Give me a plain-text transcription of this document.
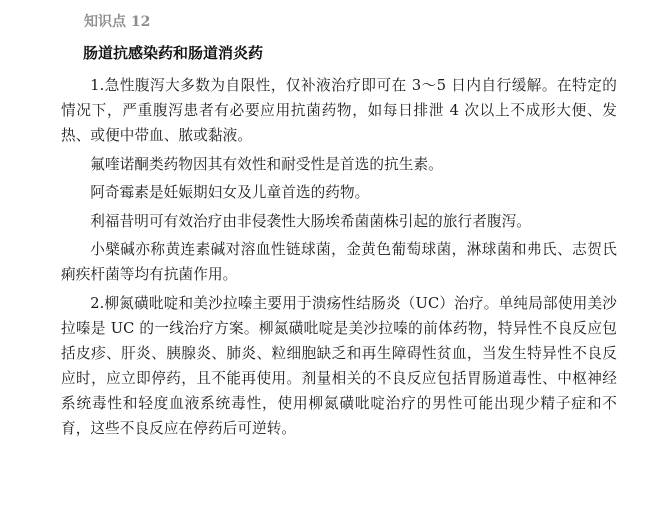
知识点 12
肠道抗感染药和肠道消炎药

1.急性腹泻大多数为自限性，仅补液治疗即可在 3～5 日内自行缓解。在特定的情况下，严重腹泻患者有必要应用抗菌药物，如每日排泄 4 次以上不成形大便、发热、或便中带血、脓或黏液。

氟喹诺酮类药物因其有效性和耐受性是首选的抗生素。

阿奇霉素是妊娠期妇女及儿童首选的药物。

利福昔明可有效治疗由非侵袭性大肠埃希菌菌株引起的旅行者腹泻。

小檗碱亦称黄连素碱对溶血性链球菌，金黄色葡萄球菌，淋球菌和弗氏、志贺氏痢疾杆菌等均有抗菌作用。

2.柳氮磺吡啶和美沙拉嗪主要用于溃疡性结肠炎（UC）治疗。单纯局部使用美沙拉嗪是 UC 的一线治疗方案。柳氮磺吡啶是美沙拉嗪的前体药物，特异性不良反应包括皮疹、肝炎、胰腺炎、肺炎、粒细胞缺乏和再生障碍性贫血，当发生特异性不良反应时，应立即停药，且不能再使用。剂量相关的不良反应包括胃肠道毒性、中枢神经系统毒性和轻度血液系统毒性，使用柳氮磺吡啶治疗的男性可能出现少精子症和不育，这些不良反应在停药后可逆转。
